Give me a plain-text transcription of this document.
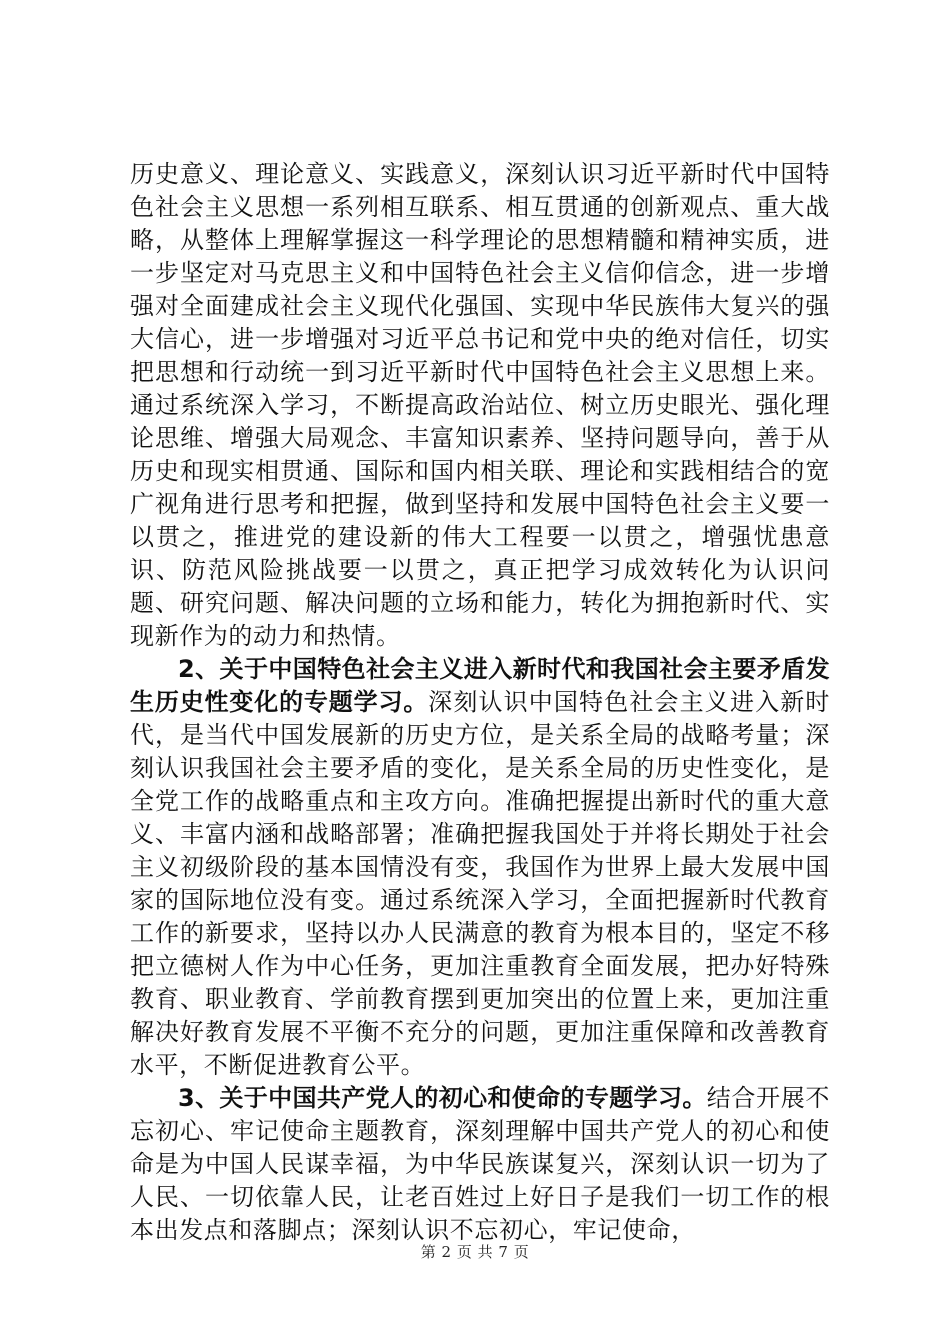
历史意义、理论意义、实践意义，深刻认识习近平新时代中国特色社会主义思想一系列相互联系、相互贯通的创新观点、重大战略，从整体上理解掌握这一科学理论的思想精髓和精神实质，进一步坚定对马克思主义和中国特色社会主义信仰信念，进一步增强对全面建成社会主义现代化强国、实现中华民族伟大复兴的强大信心，进一步增强对习近平总书记和党中央的绝对信任，切实把思想和行动统一到习近平新时代中国特色社会主义思想上来。通过系统深入学习，不断提高政治站位、树立历史眼光、强化理论思维、增强大局观念、丰富知识素养、坚持问题导向，善于从历史和现实相贯通、国际和国内相关联、理论和实践相结合的宽广视角进行思考和把握，做到坚持和发展中国特色社会主义要一以贯之，推进党的建设新的伟大工程要一以贯之，增强忧患意识、防范风险挑战要一以贯之，真正把学习成效转化为认识问题、研究问题、解决问题的立场和能力，转化为拥抱新时代、实现新作为的动力和热情。

2、关于中国特色社会主义进入新时代和我国社会主要矛盾发生历史性变化的专题学习。深刻认识中国特色社会主义进入新时代，是当代中国发展新的历史方位，是关系全局的战略考量；深刻认识我国社会主要矛盾的变化，是关系全局的历史性变化，是全党工作的战略重点和主攻方向。准确把握提出新时代的重大意义、丰富内涵和战略部署；准确把握我国处于并将长期处于社会主义初级阶段的基本国情没有变，我国作为世界上最大发展中国家的国际地位没有变。通过系统深入学习，全面把握新时代教育工作的新要求，坚持以办人民满意的教育为根本目的，坚定不移把立德树人作为中心任务，更加注重教育全面发展，把办好特殊教育、职业教育、学前教育摆到更加突出的位置上来，更加注重解决好教育发展不平衡不充分的问题，更加注重保障和改善教育水平，不断促进教育公平。

3、关于中国共产党人的初心和使命的专题学习。结合开展不忘初心、牢记使命主题教育，深刻理解中国共产党人的初心和使命是为中国人民谋幸福，为中华民族谋复兴，深刻认识一切为了人民、一切依靠人民，让老百姓过上好日子是我们一切工作的根本出发点和落脚点；深刻认识不忘初心，牢记使命，

第 2 页 共 7 页
